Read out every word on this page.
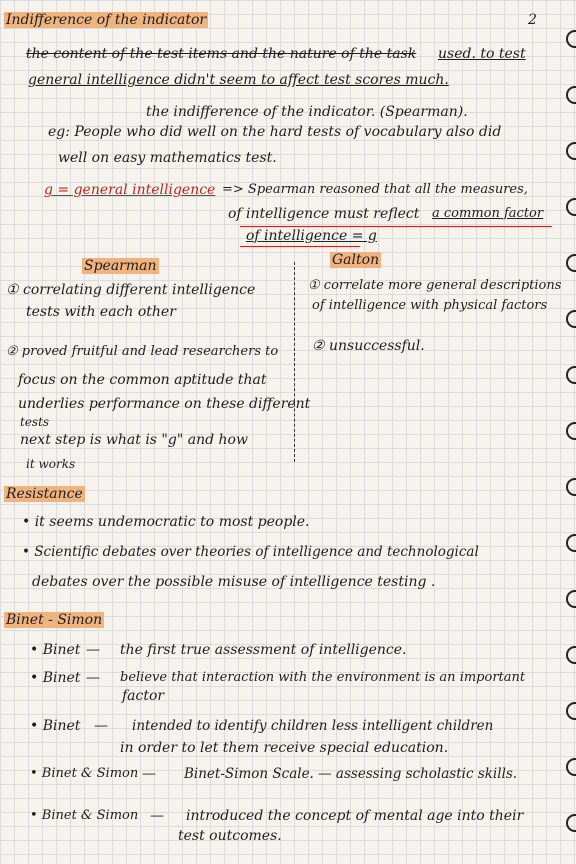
2
Indifference of the indicator
the content of the test items and the nature of the task used. to test
general intelligence didn't seem to affect test scores much.
the indifference of the indicator. (Spearman).
eg: People who did well on the hard tests of vocabulary also did
well on easy mathematics test.
g = general intelligence => Spearman reasoned that all the measures,
of intelligence must reflect a common factor
of intelligence = g
Spearman	Galton
① correlating different intelligence
tests with each other
① correlate more general descriptions
of intelligence with physical factors
② proved fruitful and lead researchers to ② unsuccessful.
focus on the common aptitude that
underlies performance on these different
tests
next step is what is "g" and how
it works
Resistance
• it seems undemocratic to most people.
• Scientific debates over theories of intelligence and technological
debates over the possible misuse of intelligence testing .
Binet - Simon
• Binet — the first true assessment of intelligence.
• Binet — believe that interaction with the environment is an important
factor
• Binet — intended to identify children less intelligent children
in order to let them receive special education.
• Binet & Simon — Binet-Simon Scale. — assessing scholastic skills.
• Binet & Simon — introduced the concept of mental age into their
test outcomes.
